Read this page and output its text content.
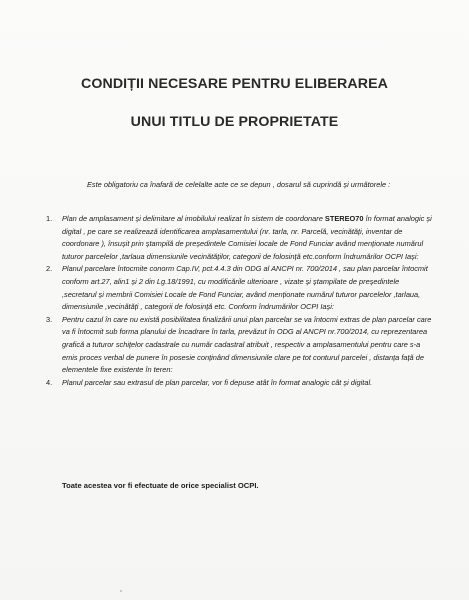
CONDIȚII NECESARE PENTRU ELIBERAREA
UNUI TITLU DE PROPRIETATE
Este obligatoriu ca înafară de celelalte acte ce se depun , dosarul să cuprindă și următorele :
1. Plan de amplasament și delimitare al imobilului realizat în sistem de coordonare STEREO70 în format analogic și digital , pe care se realizează identificarea amplasamentului (nr. tarla, nr. Parcelă, vecinătăți, inventar de coordonare ), însușit prin ștampilă de președintele Comisiei locale de Fond Funciar având menționate numărul tuturor parcelelor ,tarlaua dimensiunile vecinătăților, categorii de folosință etc.conform îndrumărilor OCPI Iași:
2. Planul parcelare întocmite conorm Cap.IV, pct.4.4.3 din ODG al ANCPI nr. 700/2014 , sau plan parcelar întocmit conform art.27, alin1 și 2 din Lg.18/1991, cu modificările ulterioare , vizate și ștampilate de președintele ,secretarul și membrii Comisiei Locale de Fond Funciar, având menționate numărul tuturor parcelelor ,tarlaua, dimensiunile ,vecinătăți , categorii de folosință etc. Conform îndrumărilor OCPI Iași:
3. Pentru cazul în care nu există posibilitatea finalizării unui plan parcelar se va întocmi extras de plan parcelar care va fi întocmit sub forma planului de încadrare în tarla, prevăzut în ODG al ANCPI nr.700/2014, cu reprezentarea grafică a tuturor schițelor cadastrale cu număr cadastral atribuit , respectiv a amplasamentului pentru care s-a emis proces verbal de punere în posesie conținând dimensiunile clare pe tot conturul parcelei , distanța față de elementele fixe existente în teren:
4. Planul parcelar sau extrasul de plan parcelar, vor fi depuse atât în format analogic cât și digital.
Toate acestea vor fi efectuate de orice specialist OCPI.
